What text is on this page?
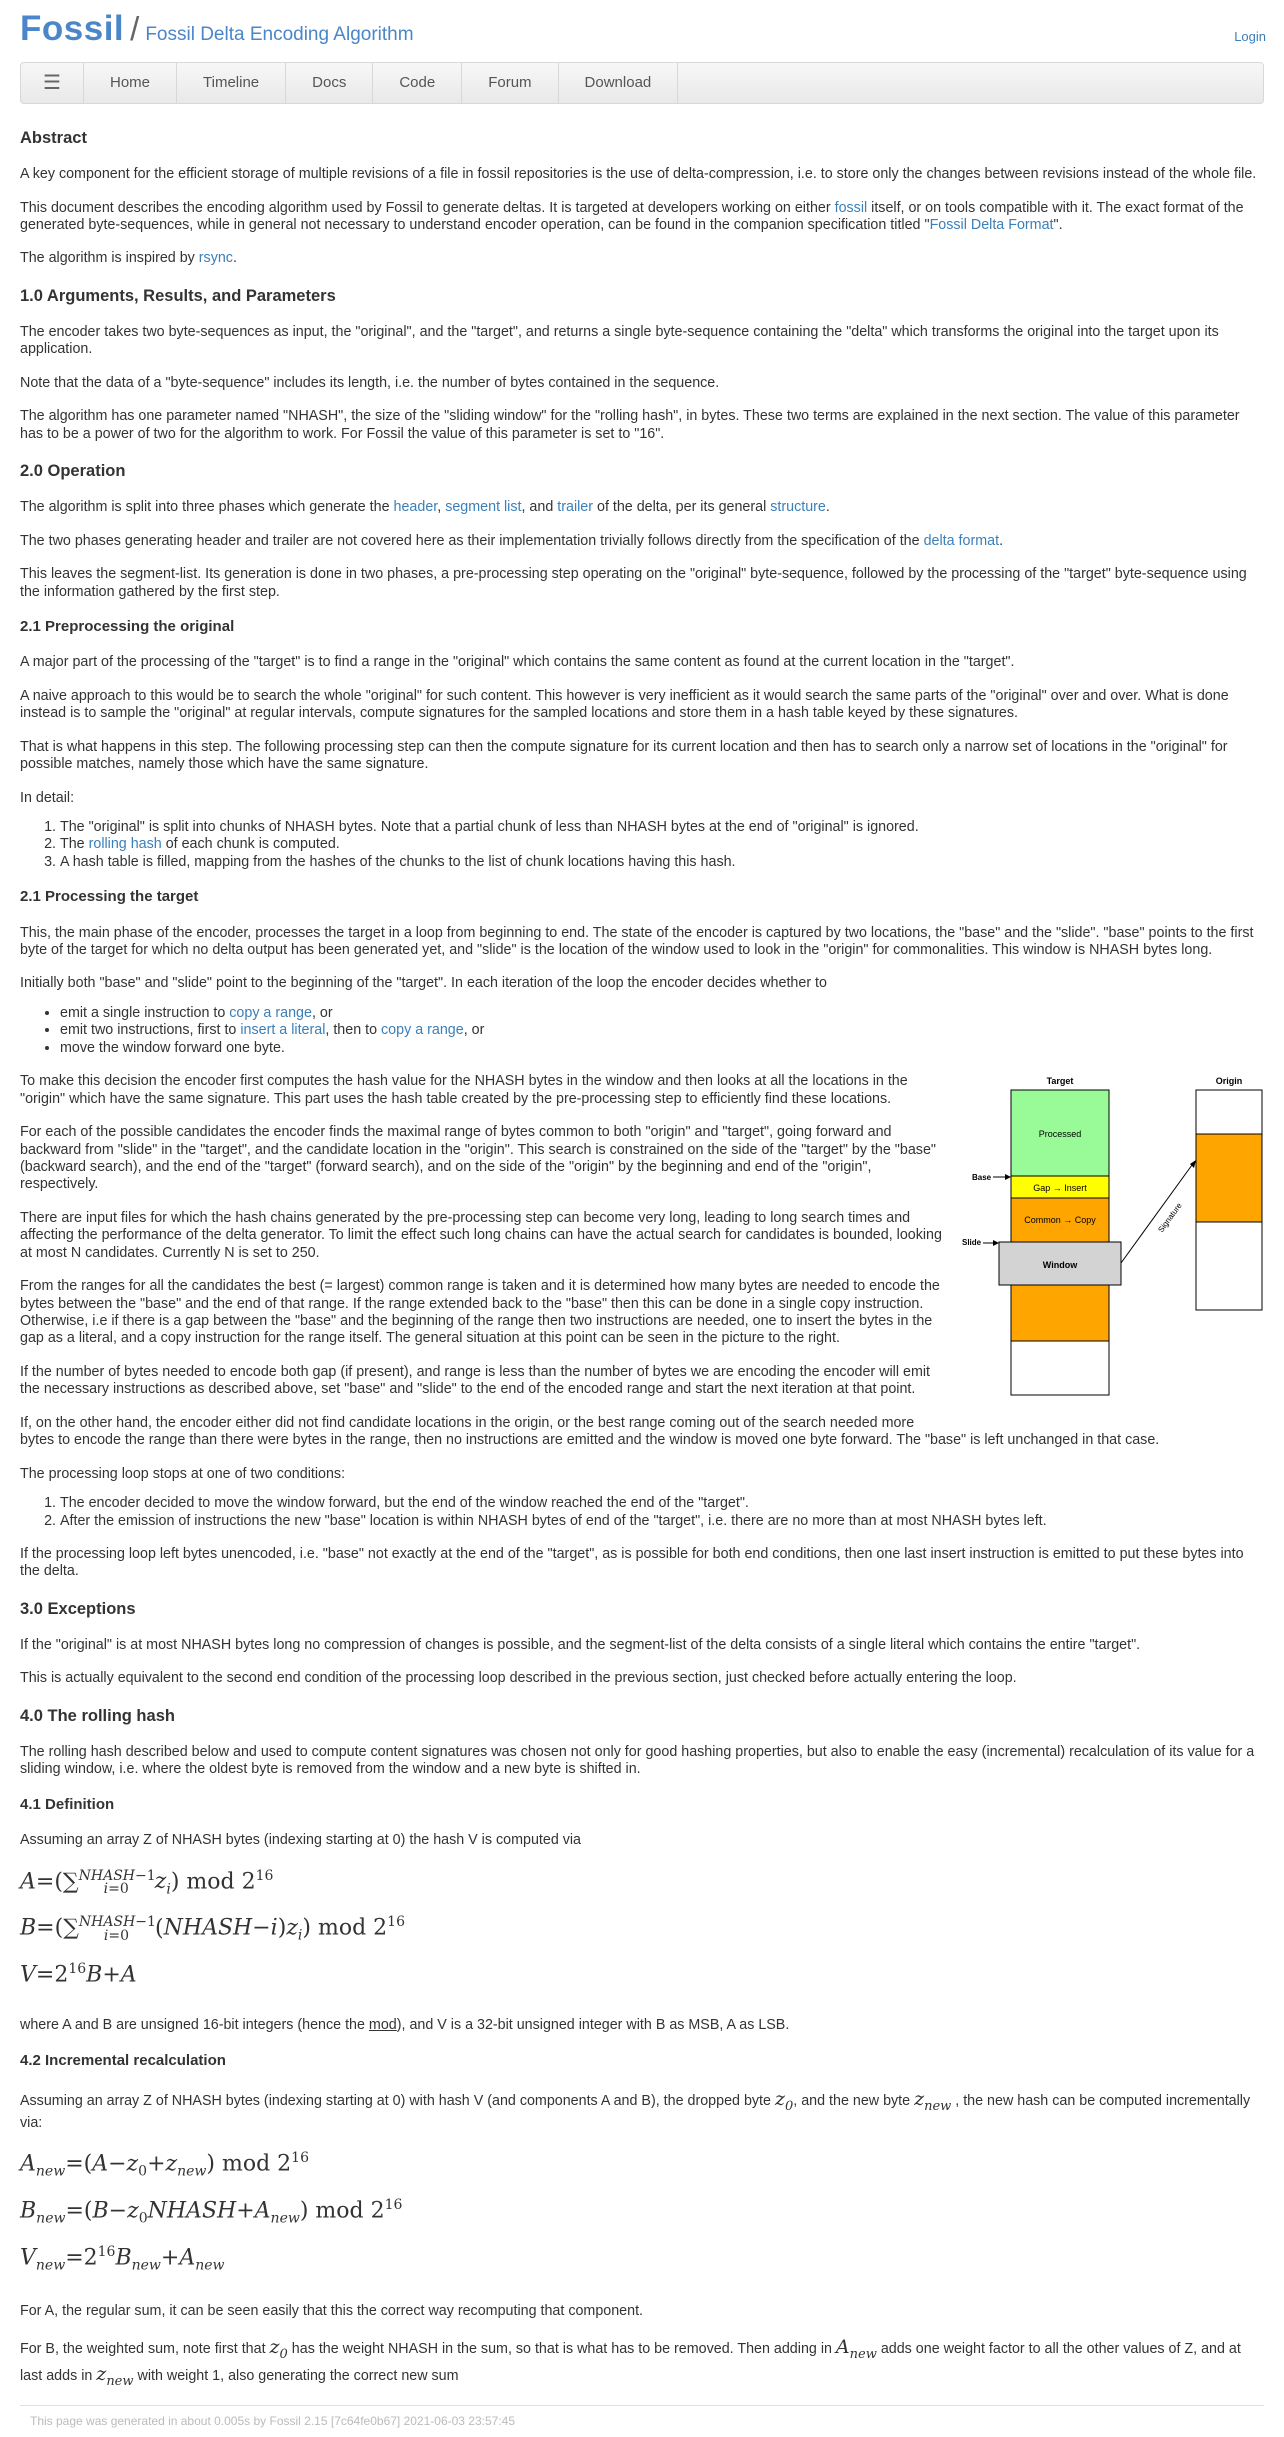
Fossil / Fossil Delta Encoding Algorithm	Login
☰	Home	Timeline	Docs	Code	Forum	Download
Abstract

A key component for the efficient storage of multiple revisions of a file in fossil repositories is the use of delta-compression, i.e. to store only the changes between revisions instead of the whole file.

This document describes the encoding algorithm used by Fossil to generate deltas. It is targeted at developers working on either fossil itself, or on tools compatible with it. The exact format of the generated byte-sequences, while in general not necessary to understand encoder operation, can be found in the companion specification titled "Fossil Delta Format".

The algorithm is inspired by rsync.

1.0 Arguments, Results, and Parameters

The encoder takes two byte-sequences as input, the "original", and the "target", and returns a single byte-sequence containing the "delta" which transforms the original into the target upon its application.

Note that the data of a "byte-sequence" includes its length, i.e. the number of bytes contained in the sequence.

The algorithm has one parameter named "NHASH", the size of the "sliding window" for the "rolling hash", in bytes. These two terms are explained in the next section. The value of this parameter has to be a power of two for the algorithm to work. For Fossil the value of this parameter is set to "16".

2.0 Operation

The algorithm is split into three phases which generate the header, segment list, and trailer of the delta, per its general structure.

The two phases generating header and trailer are not covered here as their implementation trivially follows directly from the specification of the delta format.

This leaves the segment-list. Its generation is done in two phases, a pre-processing step operating on the "original" byte-sequence, followed by the processing of the "target" byte-sequence using the information gathered by the first step.

2.1 Preprocessing the original

A major part of the processing of the "target" is to find a range in the "original" which contains the same content as found at the current location in the "target".

A naive approach to this would be to search the whole "original" for such content. This however is very inefficient as it would search the same parts of the "original" over and over. What is done instead is to sample the "original" at regular intervals, compute signatures for the sampled locations and store them in a hash table keyed by these signatures.

That is what happens in this step. The following processing step can then the compute signature for its current location and then has to search only a narrow set of locations in the "original" for possible matches, namely those which have the same signature.

In detail:

1. The "original" is split into chunks of NHASH bytes. Note that a partial chunk of less than NHASH bytes at the end of "original" is ignored.
2. The rolling hash of each chunk is computed.
3. A hash table is filled, mapping from the hashes of the chunks to the list of chunk locations having this hash.
2.1 Processing the target

This, the main phase of the encoder, processes the target in a loop from beginning to end. The state of the encoder is captured by two locations, the "base" and the "slide". "base" points to the first byte of the target for which no delta output has been generated yet, and "slide" is the location of the window used to look in the "origin" for commonalities. This window is NHASH bytes long.

Initially both "base" and "slide" point to the beginning of the "target". In each iteration of the loop the encoder decides whether to

• emit a single instruction to copy a range, or
• emit two instructions, first to insert a literal, then to copy a range, or
• move the window forward one byte.
Target	Origin
Processed
Gap → Insert
Common → Copy
Window
Base
Slide
Signature

To make this decision the encoder first computes the hash value for the NHASH bytes in the window and then looks at all the locations in the "origin" which have the same signature. This part uses the hash table created by the pre-processing step to efficiently find these locations.

For each of the possible candidates the encoder finds the maximal range of bytes common to both "origin" and "target", going forward and backward from "slide" in the "target", and the candidate location in the "origin". This search is constrained on the side of the "target" by the "base" (backward search), and the end of the "target" (forward search), and on the side of the "origin" by the beginning and end of the "origin", respectively.

There are input files for which the hash chains generated by the pre-processing step can become very long, leading to long search times and affecting the performance of the delta generator. To limit the effect such long chains can have the actual search for candidates is bounded, looking at most N candidates. Currently N is set to 250.

From the ranges for all the candidates the best (= largest) common range is taken and it is determined how many bytes are needed to encode the bytes between the "base" and the end of that range. If the range extended back to the "base" then this can be done in a single copy instruction. Otherwise, i.e if there is a gap between the "base" and the beginning of the range then two instructions are needed, one to insert the bytes in the gap as a literal, and a copy instruction for the range itself. The general situation at this point can be seen in the picture to the right.

If the number of bytes needed to encode both gap (if present), and range is less than the number of bytes we are encoding the encoder will emit the necessary instructions as described above, set "base" and "slide" to the end of the encoded range and start the next iteration at that point.

If, on the other hand, the encoder either did not find candidate locations in the origin, or the best range coming out of the search needed more bytes to encode the range than there were bytes in the range, then no instructions are emitted and the window is moved one byte forward. The "base" is left unchanged in that case.

The processing loop stops at one of two conditions:

1. The encoder decided to move the window forward, but the end of the window reached the end of the "target".
2. After the emission of instructions the new "base" location is within NHASH bytes of end of the "target", i.e. there are no more than at most NHASH bytes left.

If the processing loop left bytes unencoded, i.e. "base" not exactly at the end of the "target", as is possible for both end conditions, then one last insert instruction is emitted to put these bytes into the delta.

3.0 Exceptions

If the "original" is at most NHASH bytes long no compression of changes is possible, and the segment-list of the delta consists of a single literal which contains the entire "target".

This is actually equivalent to the second end condition of the processing loop described in the previous section, just checked before actually entering the loop.

4.0 The rolling hash

The rolling hash described below and used to compute content signatures was chosen not only for good hashing properties, but also to enable the easy (incremental) recalculation of its value for a sliding window, i.e. where the oldest byte is removed from the window and a new byte is shifted in.

4.1 Definition

Assuming an array Z of NHASH bytes (indexing starting at 0) the hash V is computed via

A=(∑$^{NHASH-1}_{i=0}$ $z_i$) mod $2^{16}$
B=(∑$^{NHASH-1}_{i=0}$ $(NHASH-i)z_i$) mod $2^{16}$
$V=2^{16}B+A$

where A and B are unsigned 16-bit integers (hence the mod), and V is a 32-bit unsigned integer with B as MSB, A as LSB.

4.2 Incremental recalculation

Assuming an array Z of NHASH bytes (indexing starting at 0) with hash V (and components A and B), the dropped byte $z_0$, and the new byte $z_{new}$ , the new hash can be computed incrementally via:

$A_{new}=(A-z_0+z_{new})$ mod $2^{16}$
$B_{new}=(B-z_0NHASH+A_{new})$ mod $2^{16}$
$V_{new}=2^{16}B_{new}+A_{new}$

For A, the regular sum, it can be seen easily that this the correct way recomputing that component.

For B, the weighted sum, note first that $z_0$ has the weight NHASH in the sum, so that is what has to be removed. Then adding in $A_{new}$ adds one weight factor to all the other values of Z, and at last adds in $z_{new}$ with weight 1, also generating the correct new sum

This page was generated in about 0.005s by Fossil 2.15 [7c64fe0b67] 2021-06-03 23:57:45
